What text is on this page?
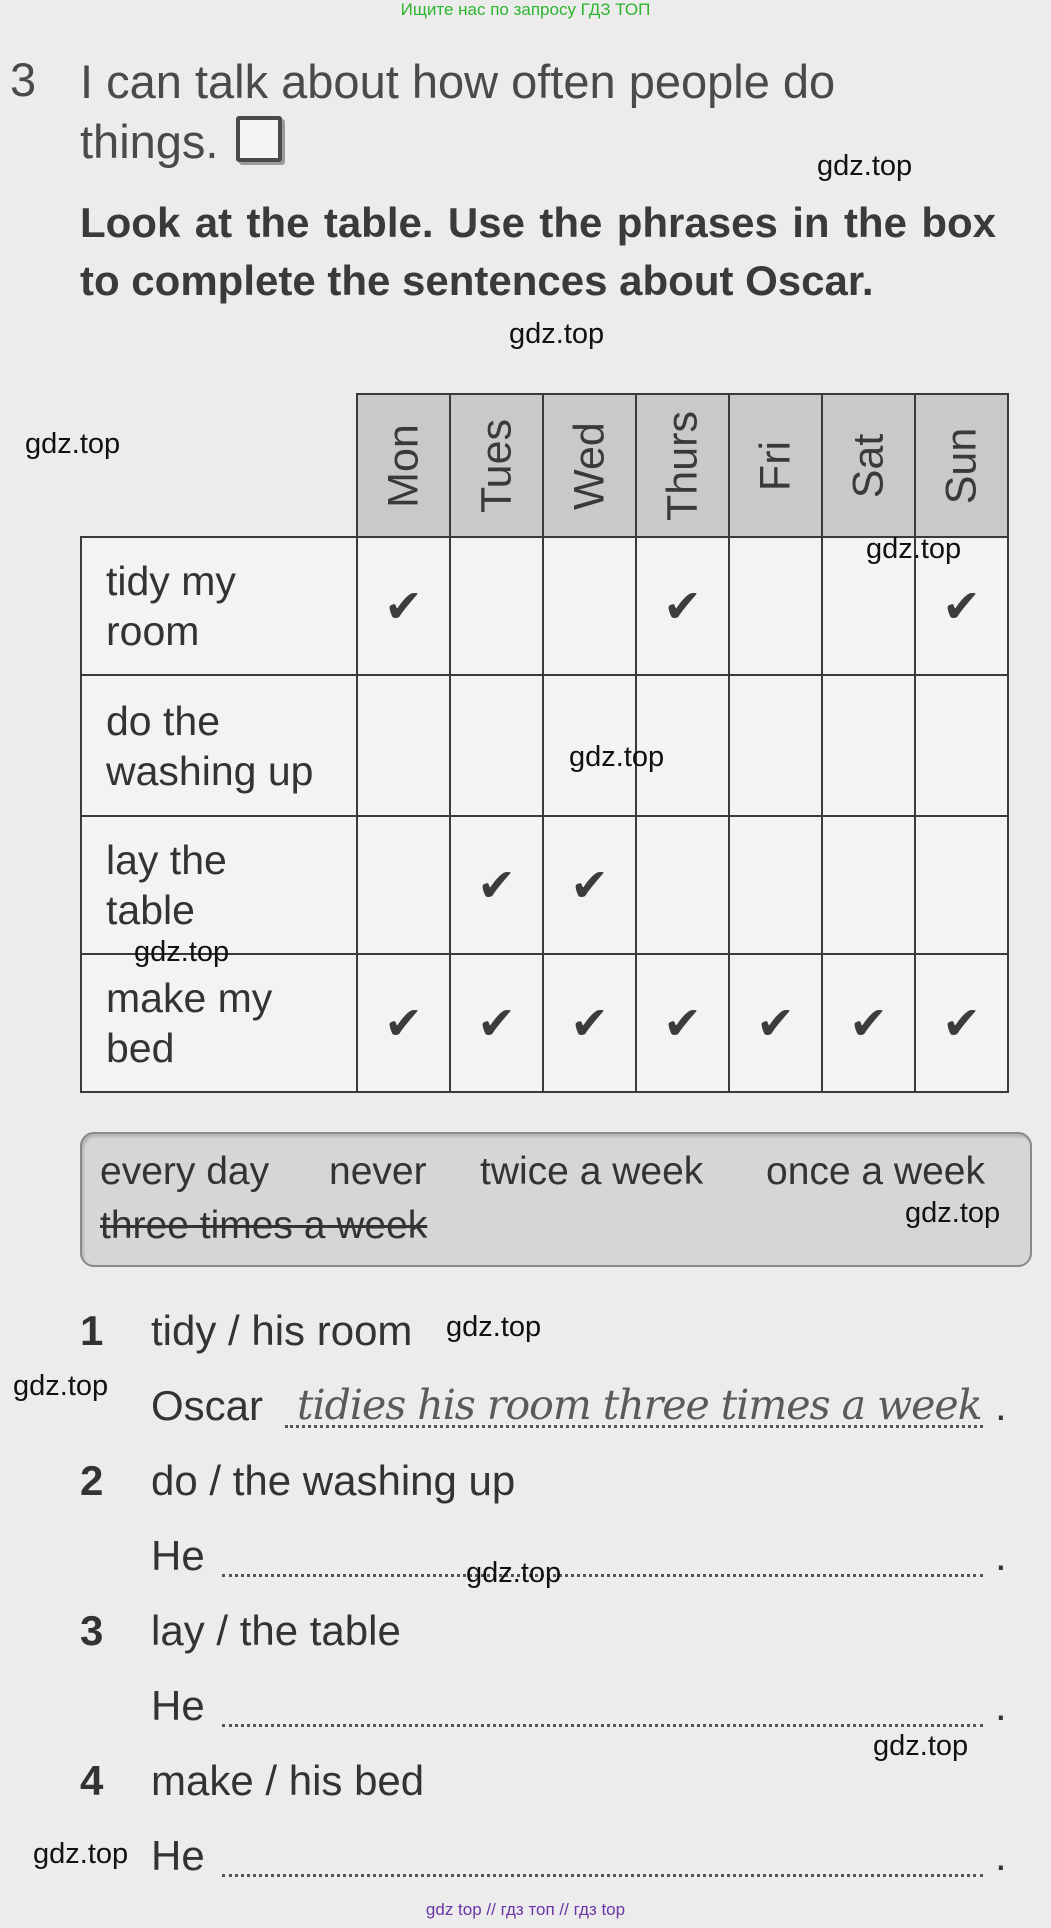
Ищите нас по запросу ГДЗ ТОП
3 I can talk about how often people do
things.
Look at the table. Use the phrases in the box to complete the sentences about Oscar.

	Mon	Tues	Wed	Thurs	Fri	Sat	Sun

tidy my
room	✔			✔			✔

do the
washing up							

lay the
table		✔	✔				

make my
bed	✔	✔	✔	✔	✔	✔	✔
every day never twice a week once a week
three times a week
1 tidy / his room
Oscar tidies his room three times a week .
2 do / the washing up
He	.
3 lay / the table
He	.
4 make / his bed
He	.
gdz.top
gdz.top
gdz.top
gdz.top
gdz.top
gdz.top
gdz.top
gdz.top
gdz.top
gdz.top
gdz.top
gdz.top
gdz top // гдз топ // гдз top
